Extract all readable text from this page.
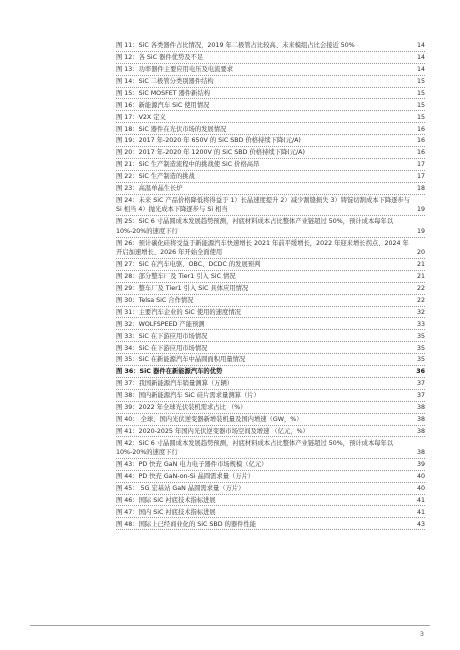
图 11：SiC 各类器件占比情况，2019 年二极管占比较高、未来模组占比会接近 50%	14
图 12：各 SiC 器件优势及不足	14
图 13：功率器件主要应用电压及电流要求	14
图 14：SiC 二极管分类别器件结构	15
图 15：SiC MOSFET 器件新结构	15
图 16：新能源汽车 SiC 使用情况	15
图 17：V2X 定义	15
图 18：SiC 器件在光伏市场的发展情况	16
图 19：2017 年-2020 年 650V 的 SiC SBD 价格持续下降(元/A)	16
图 20：2017 年-2020 年 1200V 的 SiC SBD 价格持续下降(元/A)	16
图 21：SiC 生产制造流程中的挑战使 SiC 价格高昂	17
图 22：SiC 生产制造的挑战	17
图 23：高温单晶生长炉	18
图 24：未来 SiC 产品价格降低将得益于 1）长晶速度提升 2）减少割缝损失 3）铸锭切割成本下降逐步与 Si 相当 4）抛光成本下降逐步与 Si 相当	19
图 25：SiC 6 寸晶圆成本发展趋势预测，衬底材料成本占比整体产业链超过 50%，预计成本每年以 10%-20%的速度下行	19
图 26：预计碳化硅将受益于新能源汽车快速增长 2021 年前平缓增长，2022 年迎来增长拐点、2024 年开启加速增长、2026 年开始全面使用	20
图 27：SiC 在汽车电驱、OBC、DCDC 的发展预判	21
图 28：部分整车厂及 Tier1 引入 SiC 情况	21
图 29：整车厂及 Tier1 引入 SiC 具体应用情况	22
图 30：Telsa SiC 合作情况	22
图 31：主要汽车企业的 SiC 使用的速度情况	32
图 32：WOLFSPEED 产能预测	33
图 33：SiC 在下游应用市场情况	35
图 34：SiC 在下游应用市场情况	35
图 35：SiC 在新能源汽车中晶圆面积用量情况	35
图 36：SiC 器件在新能源汽车的优势	36
图 37：我国新能源汽车销量测算（万辆）	37
图 38：国内新能源汽车 SiC 硅片需求量测算（片）	37
图 39：2022 年全球光伏装机需求占比 （%）	38
图 40： 全球、国内光伏逆变器新增装机量及国内增速（GW，%）	38
图 41：2020-2025 年国内光伏逆变器市场空间及增速 （亿元，%）	38
图 42：SiC 6 寸晶圆成本发展趋势预测，衬底材料成本占比整体产业链超过 50%，预计成本每年以 10%-20%的速度下行	38
图 43：PD 快充 GaN 电力电子器件市场规模（亿元）	39
图 44：PD 快充 GaN-on-Si 晶圆需求量（万片）	40
图 45： 5G 宏基站 GaN 晶圆需求量（万片）	40
图 46：国际 SiC 衬底技术指标进展	41
图 47：国内 SiC 衬底技术指标进展	41
图 48：国际上已经商业化的 SiC SBD 的器件性能	43
3
